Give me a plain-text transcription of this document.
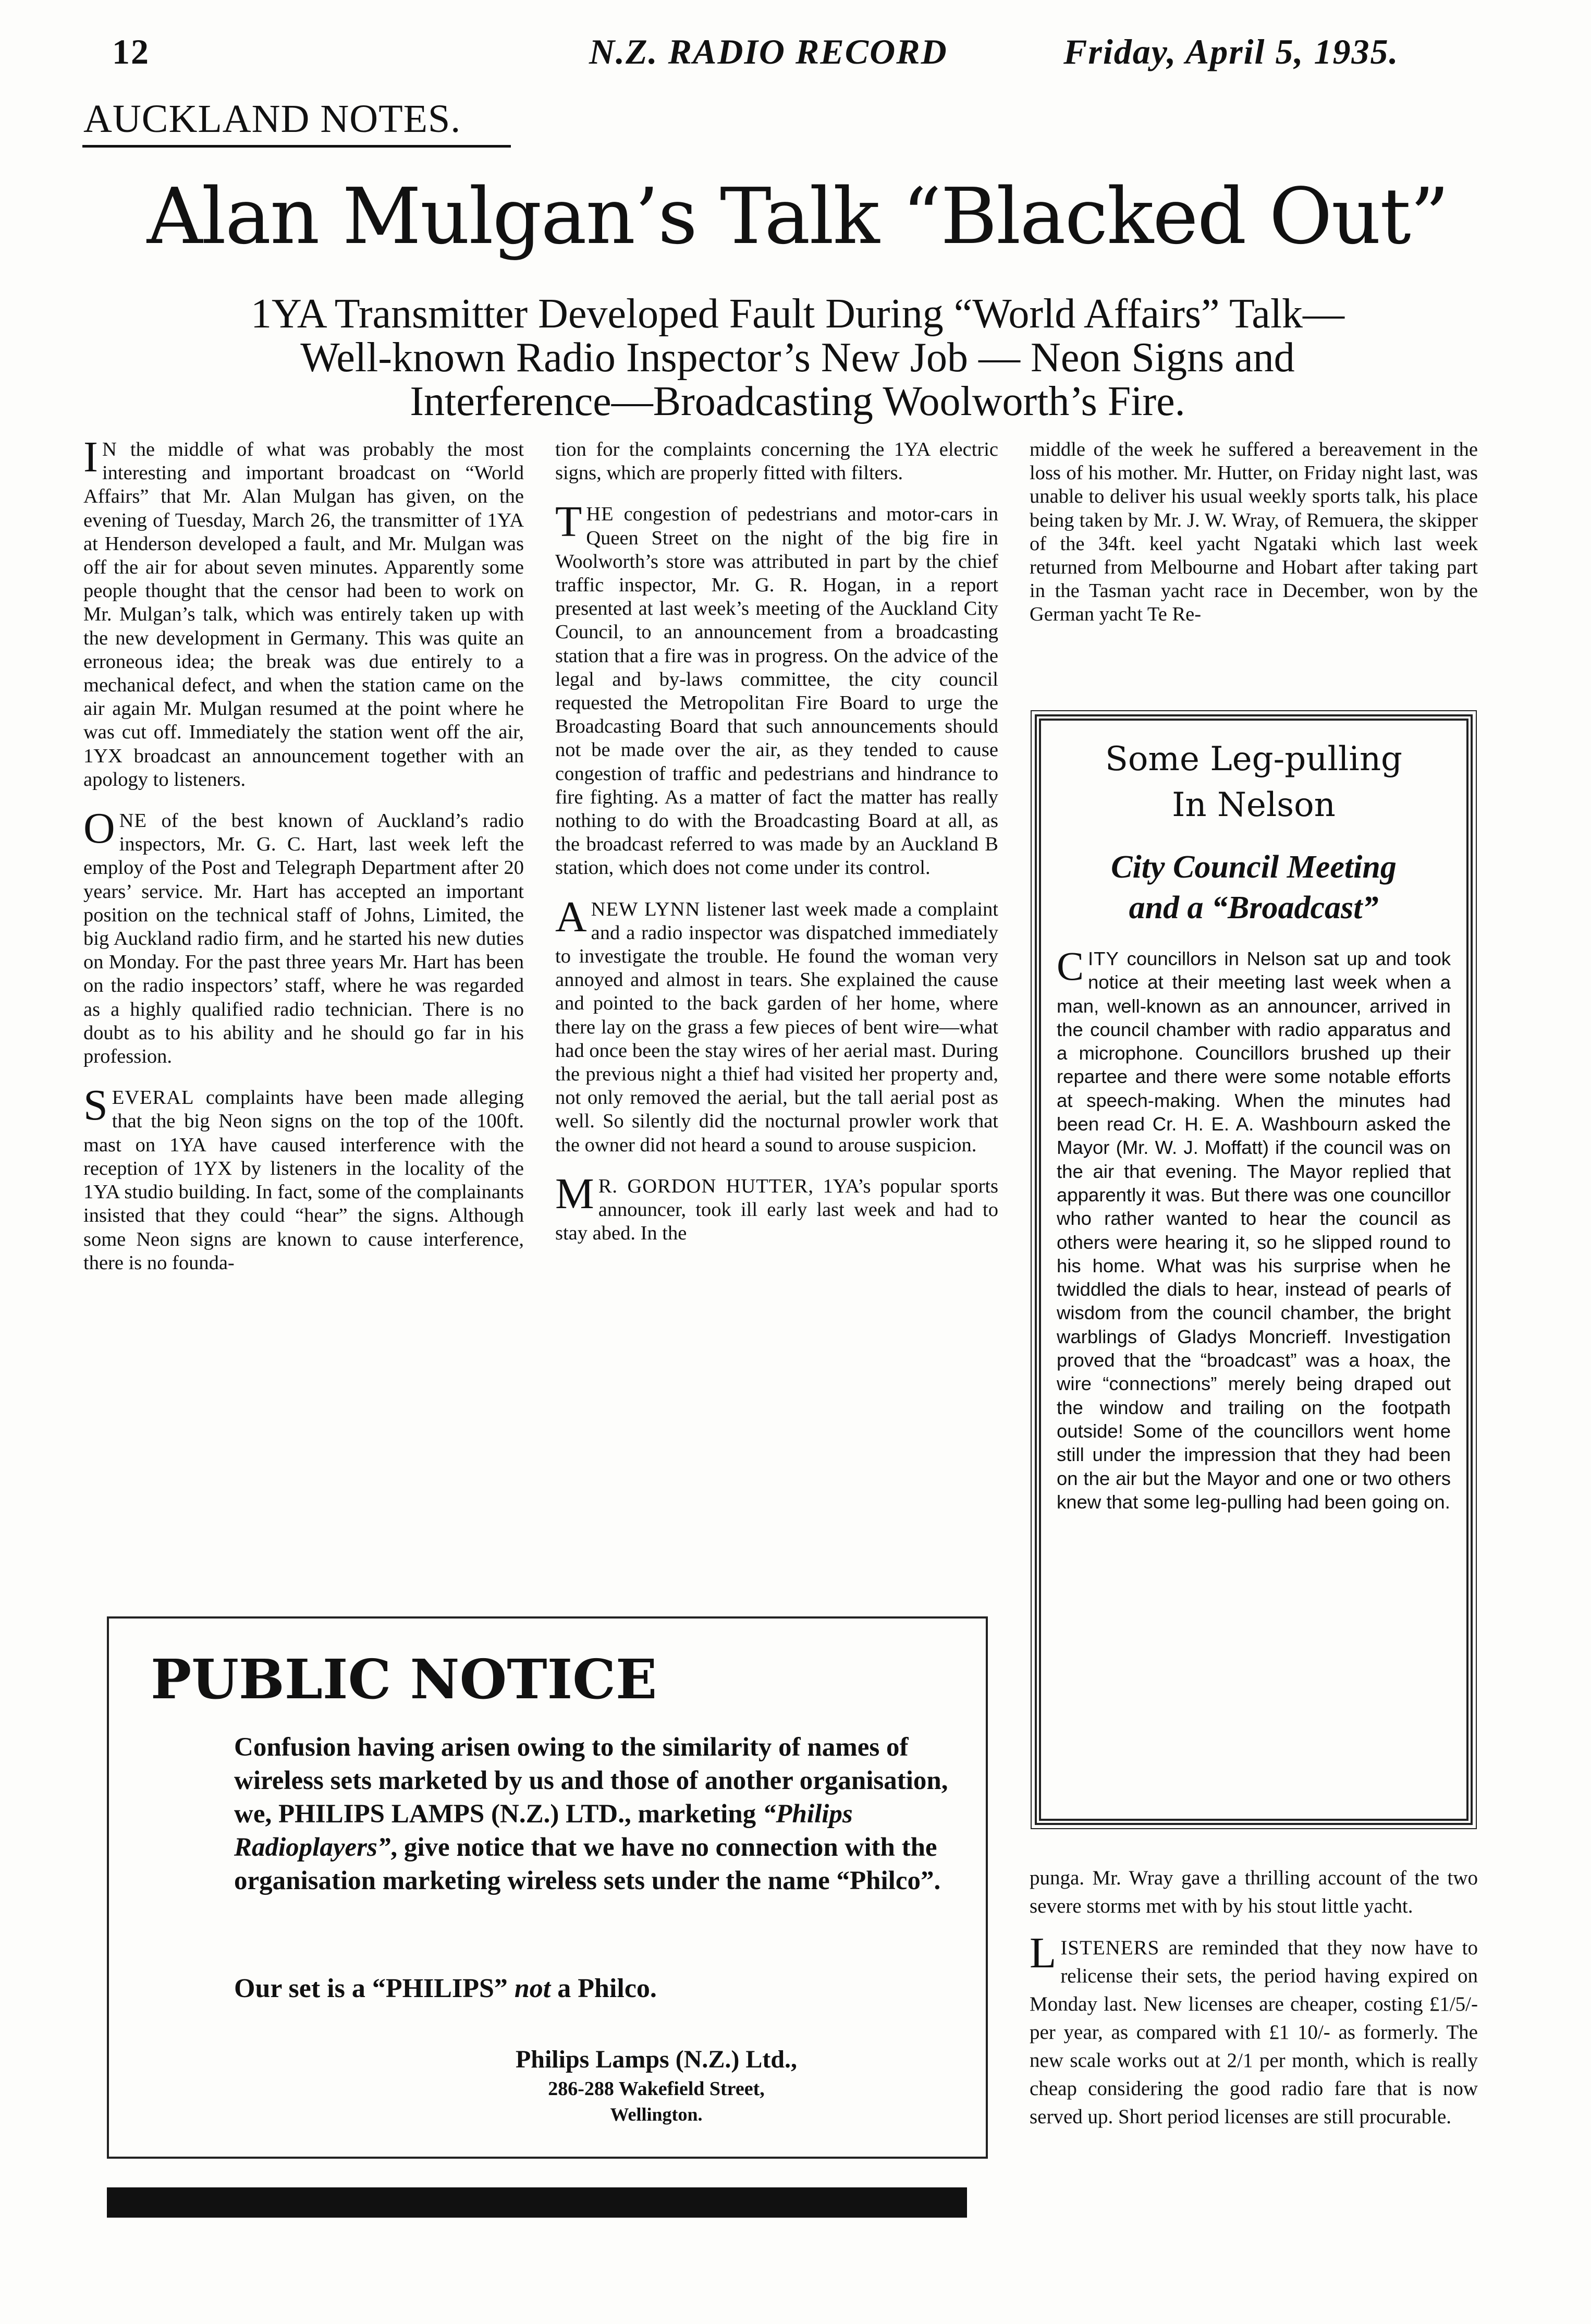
12	N.Z. RADIO RECORD	Friday, April 5, 1935.
AUCKLAND NOTES.
Alan Mulgan’s Talk “Blacked Out”
1YA Transmitter Developed Fault During “World Affairs” Talk—
Well-known Radio Inspector’s New Job — Neon Signs and
Interference—Broadcasting Woolworth’s Fire.

I N the middle of what was probably the most interesting and important broadcast on “World Affairs” that Mr. Alan Mulgan has given, on the evening of Tuesday, March 26, the transmitter of 1YA at Henderson developed a fault, and Mr. Mulgan was off the air for about seven minutes. Apparently some people thought that the censor had been to work on Mr. Mulgan’s talk, which was entirely taken up with the new development in Germany. This was quite an erroneous idea; the break was due entirely to a mechanical defect, and when the station came on the air again Mr. Mulgan resumed at the point where he was cut off. Immediately the station went off the air, 1YX broadcast an announcement together with an apology to listeners.

ONE of the best known of Auckland’s radio inspectors, Mr. G. C. Hart, last week left the employ of the Post and Telegraph Department after 20 years’ service. Mr. Hart has accepted an important position on the technical staff of Johns, Limited, the big Auckland radio firm, and he started his new duties on Monday. For the past three years Mr. Hart has been on the radio inspectors’ staff, where he was regarded as a highly qualified radio technician. There is no doubt as to his ability and he should go far in his profession.

SEVERAL complaints have been made alleging that the big Neon signs on the top of the 100ft. mast on 1YA have caused interference with the reception of 1YX by listeners in the locality of the 1YA studio building. In fact, some of the complainants insisted that they could “hear” the signs. Although some Neon signs are known to cause interference, there is no founda-

tion for the complaints concerning the 1YA electric signs, which are properly fitted with filters.

THE congestion of pedestrians and motor-cars in Queen Street on the night of the big fire in Woolworth’s store was attributed in part by the chief traffic inspector, Mr. G. R. Hogan, in a report presented at last week’s meeting of the Auckland City Council, to an announcement from a broadcasting station that a fire was in progress. On the advice of the legal and by-laws committee, the city council requested the Metropolitan Fire Board to urge the Broadcasting Board that such announcements should not be made over the air, as they tended to cause congestion of traffic and pedestrians and hindrance to fire fighting. As a matter of fact the matter has really nothing to do with the Broadcasting Board at all, as the broadcast referred to was made by an Auckland B station, which does not come under its control.

A NEW LYNN listener last week made a complaint and a radio inspector was dispatched immediately to investigate the trouble. He found the woman very annoyed and almost in tears. She explained the cause and pointed to the back garden of her home, where there lay on the grass a few pieces of bent wire—what had once been the stay wires of her aerial mast. During the previous night a thief had visited her property and, not only removed the aerial, but the tall aerial post as well. So silently did the nocturnal prowler work that the owner did not heard a sound to arouse suspicion.

M R. GORDON HUTTER, 1YA’s popular sports announcer, took ill early last week and had to stay abed. In the

middle of the week he suffered a bereavement in the loss of his mother. Mr. Hutter, on Friday night last, was unable to deliver his usual weekly sports talk, his place being taken by Mr. J. W. Wray, of Remuera, the skipper of the 34ft. keel yacht Ngataki which last week returned from Melbourne and Hobart after taking part in the Tasman yacht race in December, won by the German yacht Te Re-

Some Leg-pulling
In Nelson
City Council Meeting
and a “Broadcast”

CITY councillors in Nelson sat up and took notice at their meeting last week when a man, well-known as an announcer, arrived in the council chamber with radio apparatus and a microphone. Councillors brushed up their repartee and there were some notable efforts at speech-making. When the minutes had been read Cr. H. E. A. Washbourn asked the Mayor (Mr. W. J. Moffatt) if the council was on the air that evening. The Mayor replied that apparently it was. But there was one councillor who rather wanted to hear the council as others were hearing it, so he slipped round to his home. What was his surprise when he twiddled the dials to hear, instead of pearls of wisdom from the council chamber, the bright warblings of Gladys Moncrieff. Investigation proved that the “broadcast” was a hoax, the wire “connections” merely being draped out the window and trailing on the footpath outside! Some of the councillors went home still under the impression that they had been on the air but the Mayor and one or two others knew that some leg-pulling had been going on.

punga. Mr. Wray gave a thrilling account of the two severe storms met with by his stout little yacht.

LISTENERS are reminded that they now have to relicense their sets, the period having expired on Monday last. New licenses are cheaper, costing £1/5/- per year, as compared with £1 10/- as formerly. The new scale works out at 2/1 per month, which is really cheap considering the good radio fare that is now served up. Short period licenses are still procurable.

PUBLIC NOTICE
Confusion having arisen owing to the similarity of names of wireless sets marketed by us and those of another organisation, we, PHILIPS LAMPS (N.Z.) LTD., marketing “Philips Radioplayers”, give notice that we have no connection with the organisation marketing wireless sets under the name “Philco”.
Our set is a “PHILIPS” not a Philco.
Philips Lamps (N.Z.) Ltd.,
286-288 Wakefield Street,
Wellington.
